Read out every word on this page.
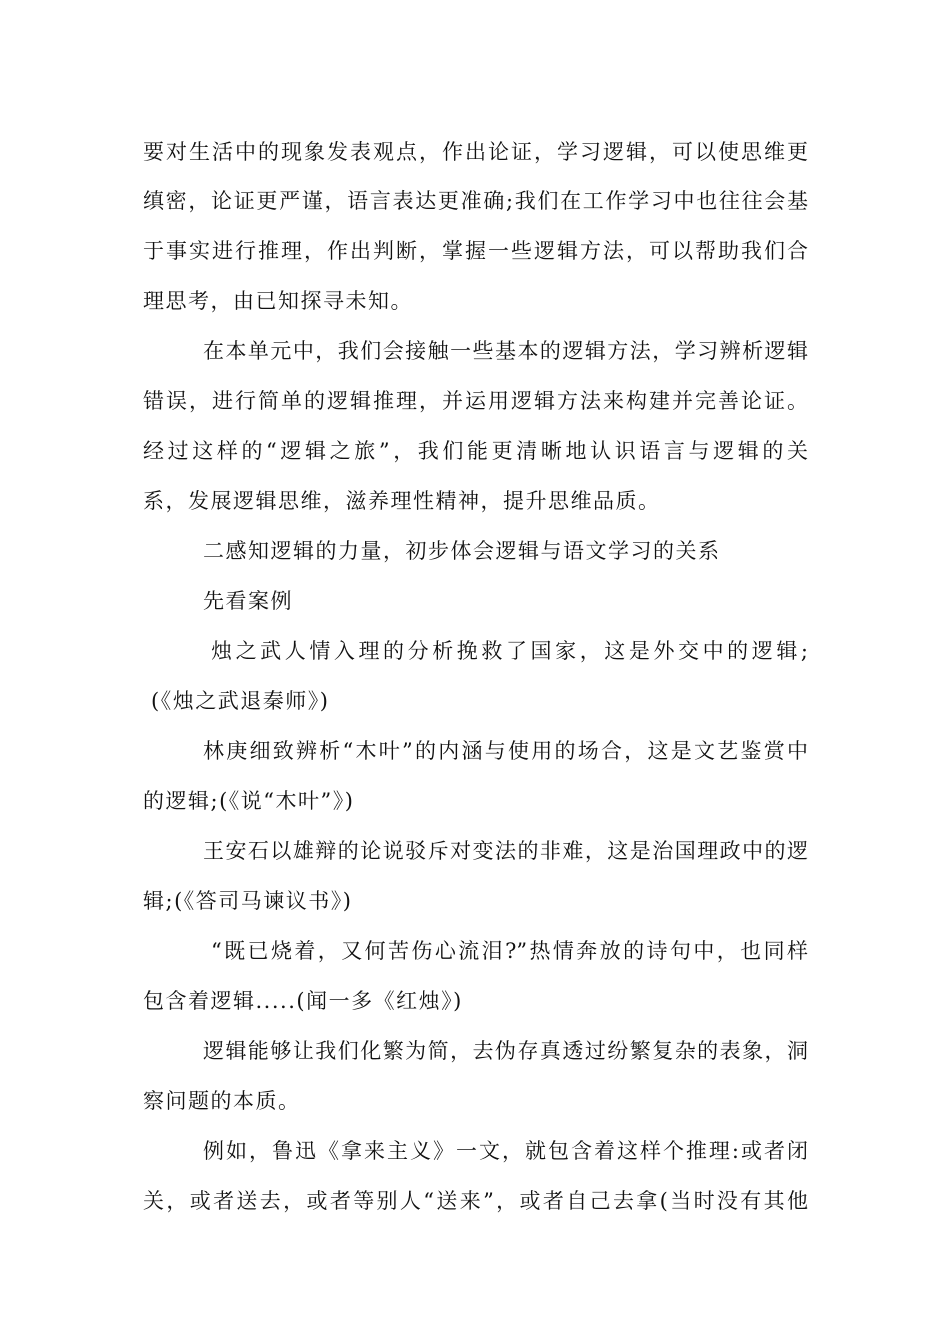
要对生活中的现象发表观点，作出论证，学习逻辑，可以使思维更
缜密，论证更严谨，语言表达更准确;我们在工作学习中也往往会基
于事实进行推理，作出判断，掌握一些逻辑方法，可以帮助我们合
理思考，由已知探寻未知。
在本单元中，我们会接触一些基本的逻辑方法，学习辨析逻辑
错误，进行简单的逻辑推理，并运用逻辑方法来构建并完善论证。
经过这样的“逻辑之旅”，我们能更清晰地认识语言与逻辑的关
系，发展逻辑思维，滋养理性精神，提升思维品质。
二感知逻辑的力量，初步体会逻辑与语文学习的关系
先看案例
烛之武人情入理的分析挽救了国家，这是外交中的逻辑;
(《烛之武退秦师》)
林庚细致辨析“木叶”的内涵与使用的场合，这是文艺鉴赏中
的逻辑;(《说“木叶”》)
王安石以雄辩的论说驳斥对变法的非难，这是治国理政中的逻
辑;(《答司马谏议书》)
“既已烧着，又何苦伤心流泪?”热情奔放的诗句中，也同样
包含着逻辑.....(闻一多《红烛》)
逻辑能够让我们化繁为简，去伪存真透过纷繁复杂的表象，洞
察问题的本质。
例如，鲁迅《拿来主义》一文，就包含着这样个推理:或者闭
关，或者送去，或者等别人“送来”，或者自己去拿(当时没有其他
